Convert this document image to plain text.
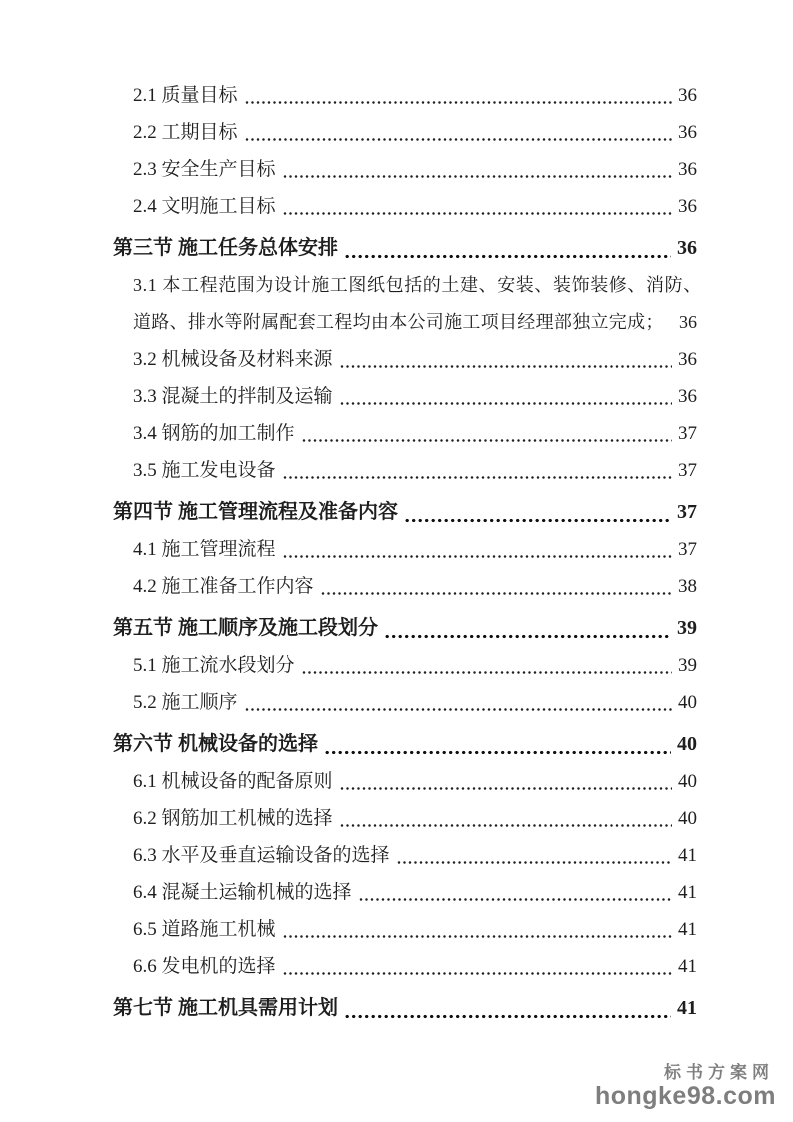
2.1 质量目标	36
2.2 工期目标	36
2.3 安全生产目标	36
2.4 文明施工目标	36
第三节 施工任务总体安排	36
3.1 本工程范围为设计施工图纸包括的土建、安装、装饰装修、消防、
道路、排水等附属配套工程均由本公司施工项目经理部独立完成； 36
3.2 机械设备及材料来源	36
3.3 混凝土的拌制及运输	36
3.4 钢筋的加工制作	37
3.5 施工发电设备	37
第四节 施工管理流程及准备内容	37
4.1 施工管理流程	37
4.2 施工准备工作内容	38
第五节 施工顺序及施工段划分	39
5.1 施工流水段划分	39
5.2 施工顺序	40
第六节 机械设备的选择	40
6.1 机械设备的配备原则	40
6.2 钢筋加工机械的选择	40
6.3 水平及垂直运输设备的选择	41
6.4 混凝土运输机械的选择	41
6.5 道路施工机械	41
6.6 发电机的选择	41
第七节 施工机具需用计划	41
标书方案网
hongke98.com
